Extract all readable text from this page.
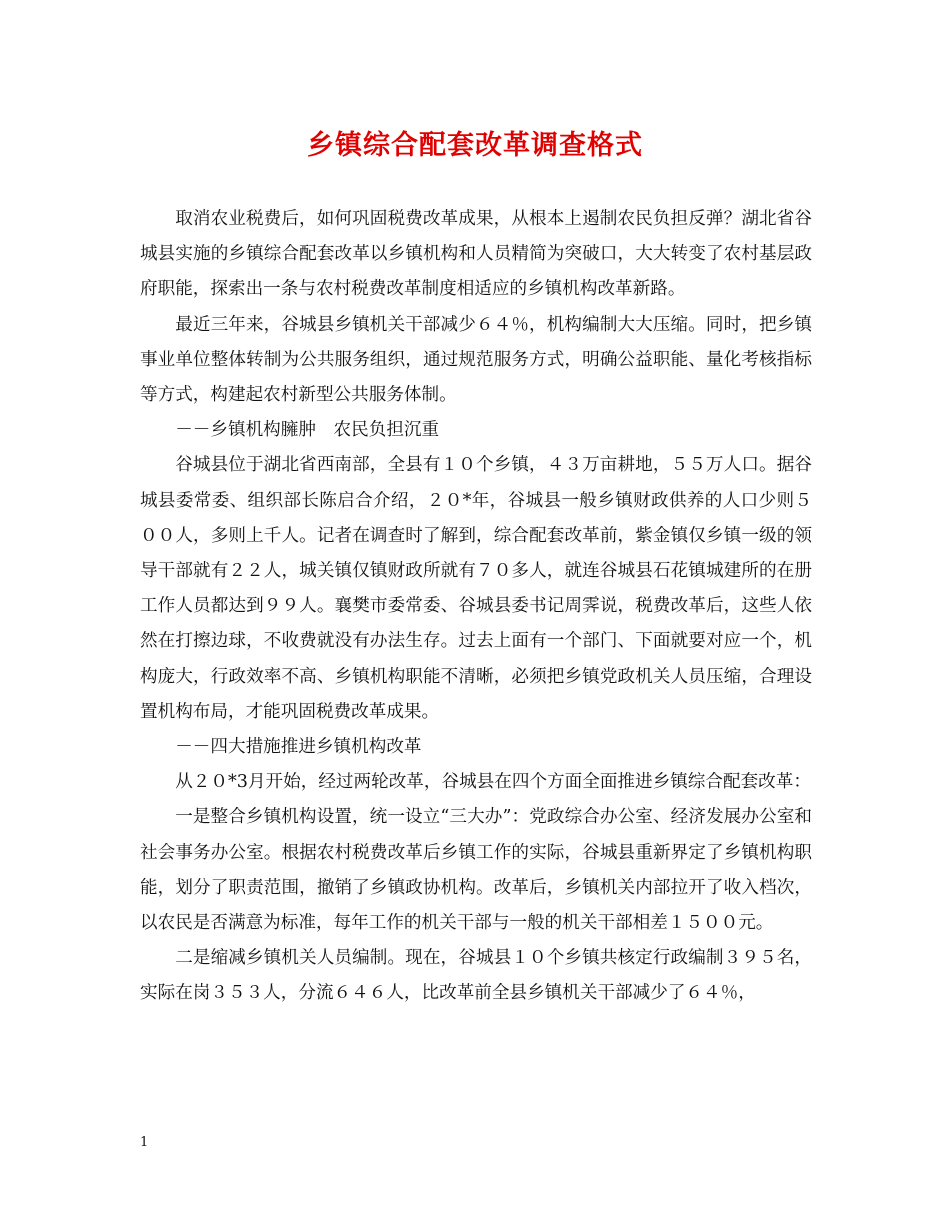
乡镇综合配套改革调查格式

取消农业税费后，如何巩固税费改革成果，从根本上遏制农民负担反弹？湖北省谷城县实施的乡镇综合配套改革以乡镇机构和人员精简为突破口，大大转变了农村基层政府职能，探索出一条与农村税费改革制度相适应的乡镇机构改革新路。

最近三年来，谷城县乡镇机关干部减少６４％，机构编制大大压缩。同时，把乡镇事业单位整体转制为公共服务组织，通过规范服务方式，明确公益职能、量化考核指标等方式，构建起农村新型公共服务体制。

－－乡镇机构臃肿　农民负担沉重

谷城县位于湖北省西南部，全县有１０个乡镇，４３万亩耕地，５５万人口。据谷城县委常委、组织部长陈启合介绍，２０*年，谷城县一般乡镇财政供养的人口少则５００人，多则上千人。记者在调查时了解到，综合配套改革前，紫金镇仅乡镇一级的领导干部就有２２人，城关镇仅镇财政所就有７０多人，就连谷城县石花镇城建所的在册工作人员都达到９９人。襄樊市委常委、谷城县委书记周霁说，税费改革后，这些人依然在打擦边球，不收费就没有办法生存。过去上面有一个部门、下面就要对应一个，机构庞大，行政效率不高、乡镇机构职能不清晰，必须把乡镇党政机关人员压缩，合理设置机构布局，才能巩固税费改革成果。

－－四大措施推进乡镇机构改革

从２０*3月开始，经过两轮改革，谷城县在四个方面全面推进乡镇综合配套改革：

一是整合乡镇机构设置，统一设立“三大办”：党政综合办公室、经济发展办公室和社会事务办公室。根据农村税费改革后乡镇工作的实际，谷城县重新界定了乡镇机构职能，划分了职责范围，撤销了乡镇政协机构。改革后，乡镇机关内部拉开了收入档次，以农民是否满意为标准，每年工作的机关干部与一般的机关干部相差１５００元。

二是缩减乡镇机关人员编制。现在，谷城县１０个乡镇共核定行政编制３９５名，实际在岗３５３人，分流６４６人，比改革前全县乡镇机关干部减少了６４％，

1
